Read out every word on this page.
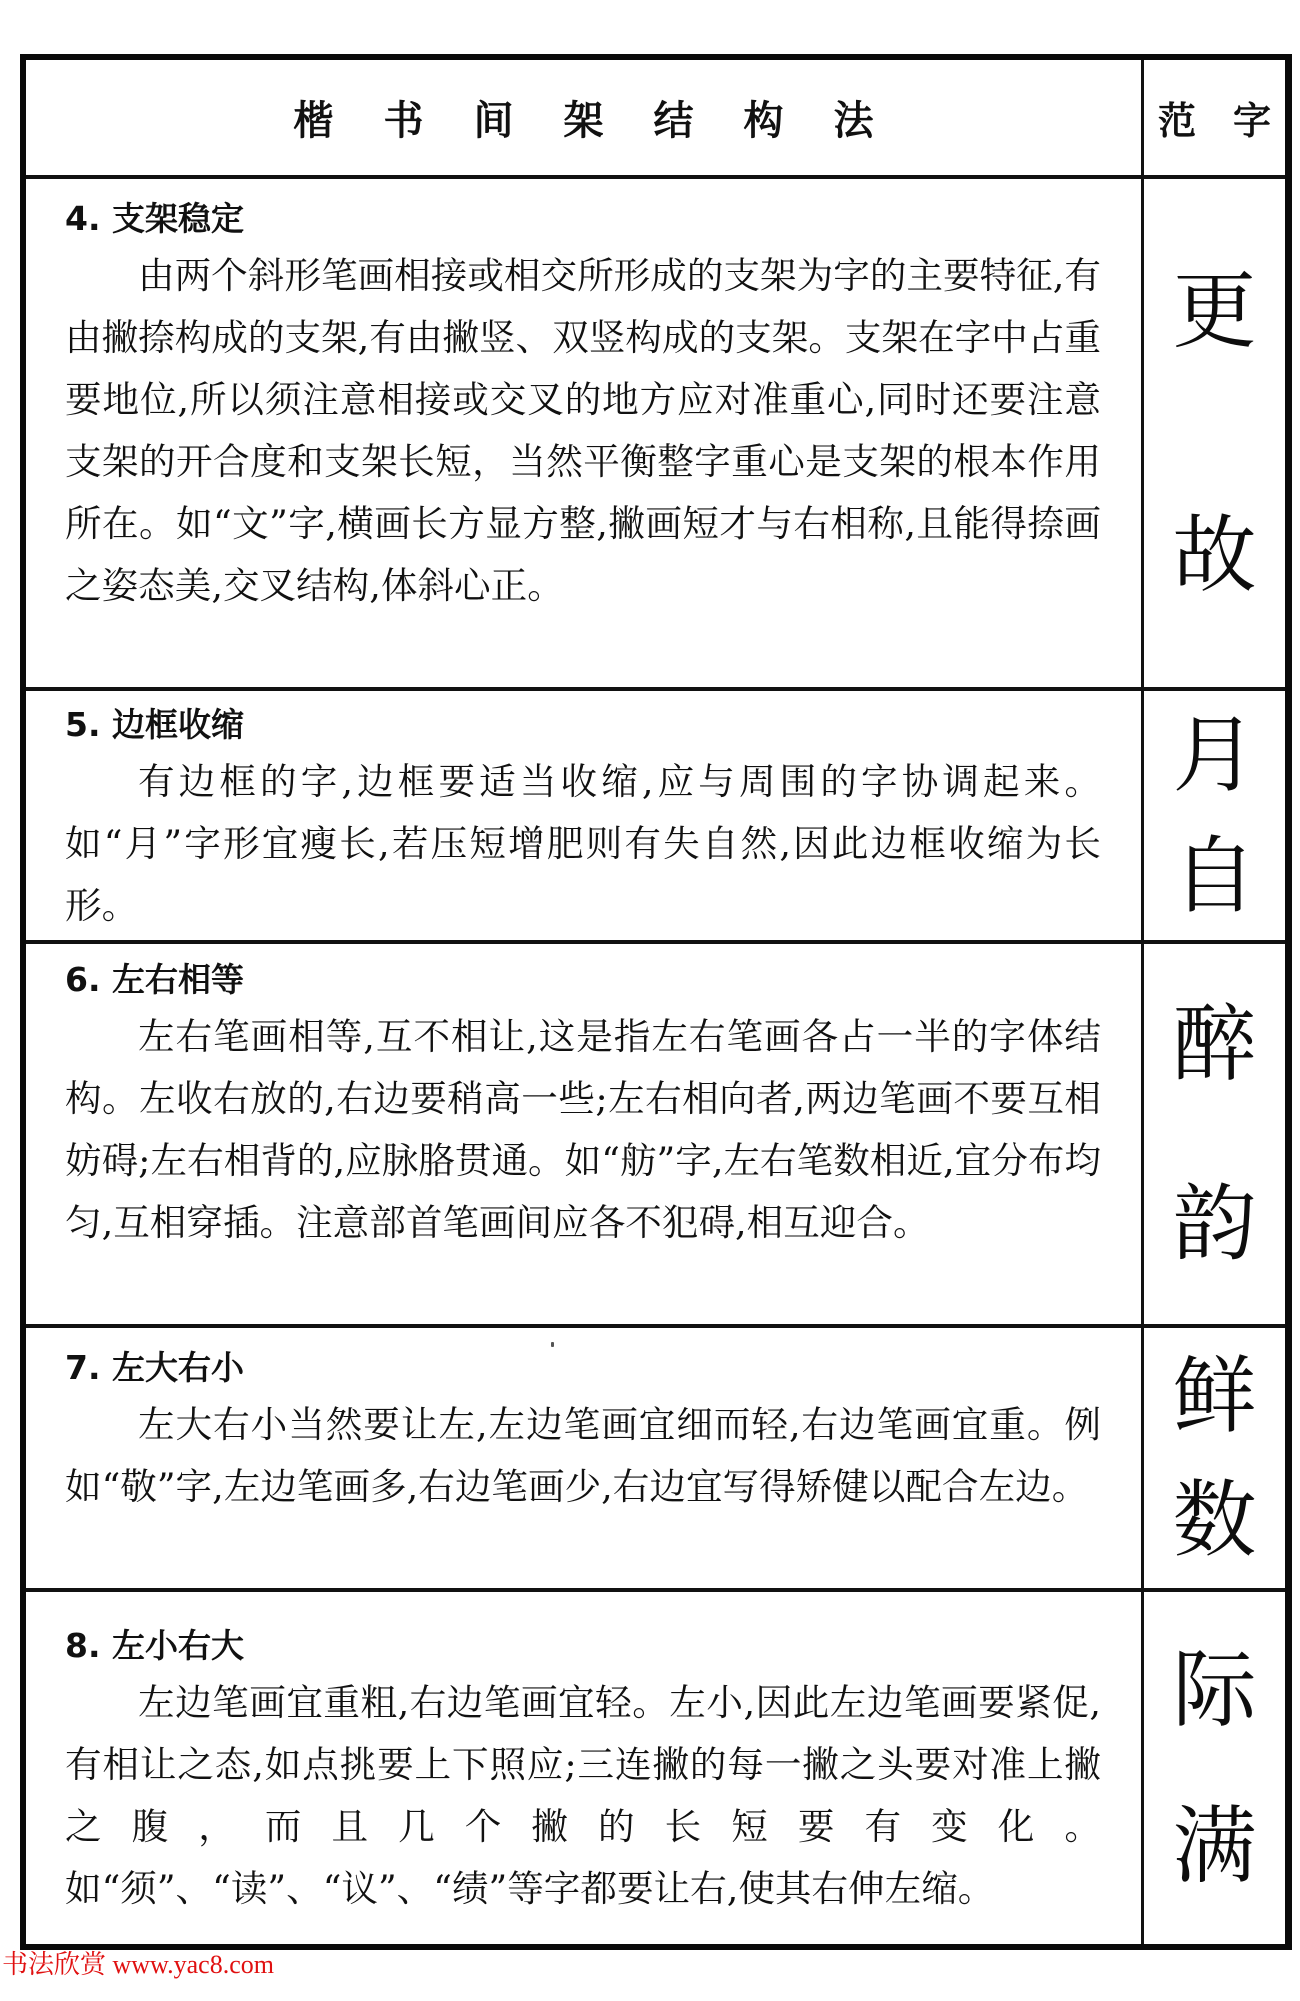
楷书间架结构法	范 字
4. 支架稳定
由两个斜形笔画相接或相交所形成的支架为字的主要特征,有由撇捺构成的支架,有由撇竖、双竖构成的支架。支架在字中占重要地位,所以须注意相接或交叉的地方应对准重心,同时还要注意支架的开合度和支架长短，当然平衡整字重心是支架的根本作用所在。如“文”字,横画长方显方整,撇画短才与右相称,且能得捺画之姿态美,交叉结构,体斜心正。
更
故
5. 边框收缩
有边框的字,边框要适当收缩,应与周围的字协调起来。如“月”字形宜瘦长,若压短增肥则有失自然,因此边框收缩为长形。
月
自
6. 左右相等
左右笔画相等,互不相让,这是指左右笔画各占一半的字体结构。左收右放的,右边要稍高一些;左右相向者,两边笔画不要互相妨碍;左右相背的,应脉胳贯通。如“舫”字,左右笔数相近,宜分布均匀,互相穿插。注意部首笔画间应各不犯碍,相互迎合。
醉
韵
7. 左大右小
左大右小当然要让左,左边笔画宜细而轻,右边笔画宜重。例如“敬”字,左边笔画多,右边笔画少,右边宜写得矫健以配合左边。
鲜
数
8. 左小右大
左边笔画宜重粗,右边笔画宜轻。左小,因此左边笔画要紧促,有相让之态,如点挑要上下照应;三连撇的每一撇之头要对准上撇之腹，而且几个撇的长短要有变化。如“须”、“读”、“议”、“绩”等字都要让右,使其右伸左缩。
际
满
书法欣赏 www.yac8.com
